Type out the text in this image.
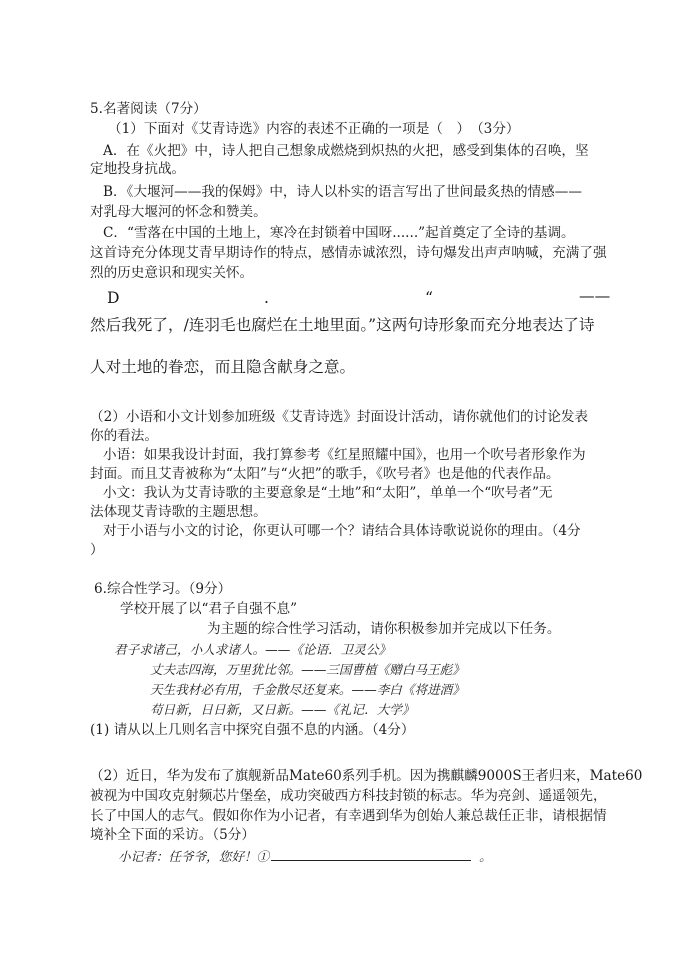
5.名著阅读（7分）
（1）下面对《艾青诗选》内容的表述不正确的一项是（　）　（3分）
A．在《火把》中，诗人把自己想象成燃烧到炽热的火把，感受到集体的召唤，坚
定地投身抗战。
B．《大堰河——我的保姆》中，诗人以朴实的语言写出了世间最炙热的情感——
对乳母大堰河的怀念和赞美。
C．“雪落在中国的土地上，寒冷在封锁着中国呀......”起首奠定了全诗的基调。
这首诗充分体现艾青早期诗作的特点，感情赤诚浓烈，诗句爆发出声声呐喊，充满了强
烈的历史意识和现实关怀。
D	.	“	——
然后我死了，/连羽毛也腐烂在土地里面。”这两句诗形象而充分地表达了诗
人对土地的眷恋，而且隐含献身之意。
（2）小语和小文计划参加班级《艾青诗选》封面设计活动，请你就他们的讨论发表
你的看法。
小语：如果我设计封面，我打算参考《红星照耀中国》，也用一个吹号者形象作为
封面。而且艾青被称为“太阳”与“火把”的歌手，《吹号者》也是他的代表作品。
小文：我认为艾青诗歌的主要意象是“土地”和“太阳”，单单一个“吹号者”无
法体现艾青诗歌的主题思想。
对于小语与小文的讨论，你更认可哪一个？请结合具体诗歌说说你的理由。（4分
）
6.综合性学习。（9分）
学校开展了以“君子自强不息”
为主题的综合性学习活动，请你积极参加并完成以下任务。
君子求诸己，小人求诸人。——《论语．卫灵公》
丈夫志四海，万里犹比邻。——三国曹植《赠白马王彪》
天生我材必有用，千金散尽还复来。——李白《将进酒》
苟日新，日日新，又日新。——《礼记．大学》
(1) 请从以上几则名言中探究自强不息的内涵。（4分）
（2）近日，华为发布了旗舰新品Mate60系列手机。因为携麒麟9000S王者归来，Mate60
被视为中国攻克射频芯片堡垒，成功突破西方科技封锁的标志。华为亮剑、遥遥领先，
长了中国人的志气。假如你作为小记者，有幸遇到华为创始人兼总裁任正非，请根据情
境补全下面的采访。（5分）
小记者：任爷爷，您好！①	。
